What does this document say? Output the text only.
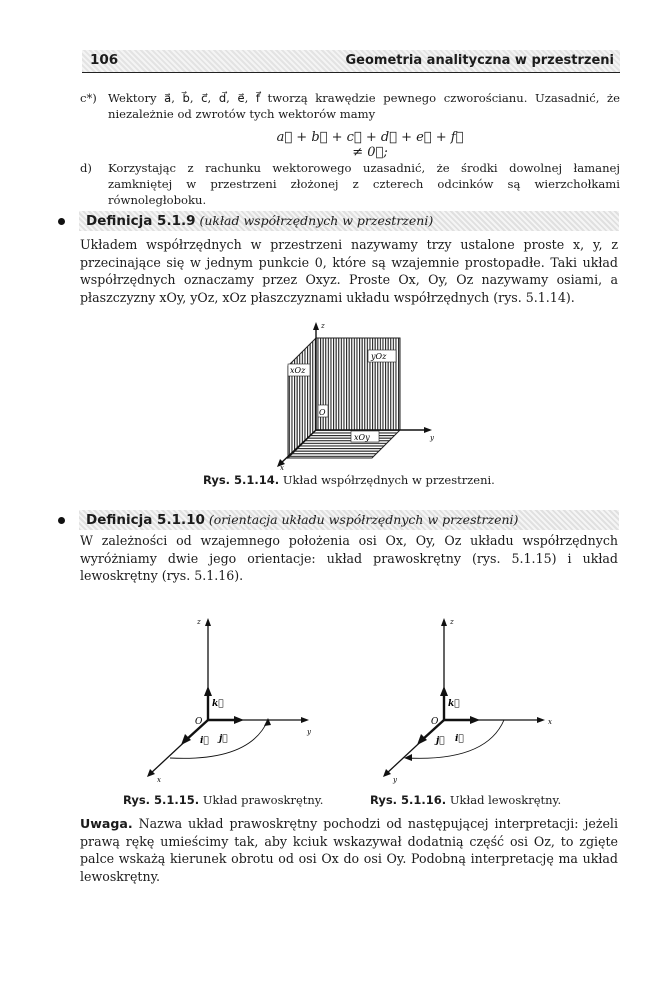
106	Geometria analityczna w przestrzeni
c*) Wektory a⃗, b⃗, c⃗, d⃗, e⃗, f⃗ tworzą krawędzie pewnego czworościanu. Uzasadnić, że niezależnie od zwrotów tych wektorów mamy
a⃗ + b⃗ + c⃗ + d⃗ + e⃗ + f⃗ ≠ 0⃗;
d) Korzystając z rachunku wektorowego uzasadnić, że środki dowolnej łamanej zamkniętej w przestrzeni złożonej z czterech odcinków są wierzchołkami równoległoboku.
Definicja 5.1.9 (układ współrzędnych w przestrzeni)
Układem współrzędnych w przestrzeni nazywamy trzy ustalone proste x, y, z przecinające się w jednym punkcie 0, które są wzajemnie prostopadłe. Taki układ współrzędnych oznaczamy przez Oxyz. Proste Ox, Oy, Oz nazywamy osiami, a płaszczyzny xOy, yOz, xOz płaszczyznami układu współrzędnych (rys. 5.1.14).
z
y
x
yOz
xOz
xOy
O
Rys. 5.1.14. Układ współrzędnych w przestrzeni.
Definicja 5.1.10 (orientacja układu współrzędnych w przestrzeni)
W zależności od wzajemnego położenia osi Ox, Oy, Oz układu współrzędnych wyróżniamy dwie jego orientacje: układ prawoskrętny (rys. 5.1.15) i układ lewoskrętny (rys. 5.1.16).
z
y
x
O
k⃗
i⃗ j⃗
Rys. 5.1.15. Układ prawoskrętny.
z
x
y
O
k⃗
j⃗ i⃗
Rys. 5.1.16. Układ lewoskrętny.
Uwaga. Nazwa układ prawoskrętny pochodzi od następującej interpretacji: jeżeli prawą rękę umieścimy tak, aby kciuk wskazywał dodatnią część osi Oz, to zgięte palce wskażą kierunek obrotu od osi Ox do osi Oy. Podobną interpretację ma układ lewoskrętny.
